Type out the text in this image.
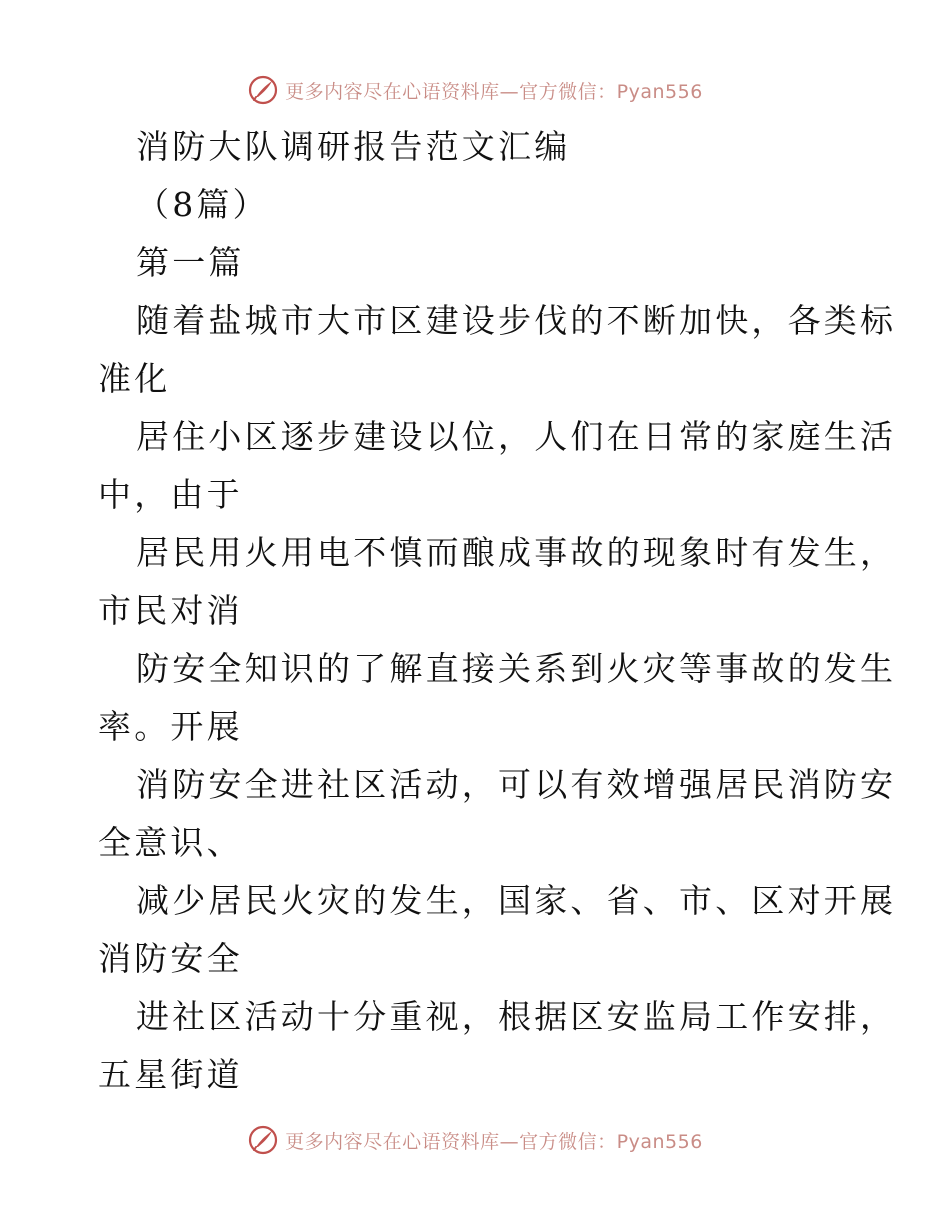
更多内容尽在心语资料库—官方微信：Pyan556
消防大队调研报告范文汇编
（8篇）
第一篇
随着盐城市大市区建设步伐的不断加快，各类标
准化
居住小区逐步建设以位，人们在日常的家庭生活
中，由于
居民用火用电不慎而酿成事故的现象时有发生，
市民对消
防安全知识的了解直接关系到火灾等事故的发生
率。开展
消防安全进社区活动，可以有效增强居民消防安
全意识、
减少居民火灾的发生，国家、省、市、区对开展
消防安全
进社区活动十分重视，根据区安监局工作安排，
五星街道
更多内容尽在心语资料库—官方微信：Pyan556
